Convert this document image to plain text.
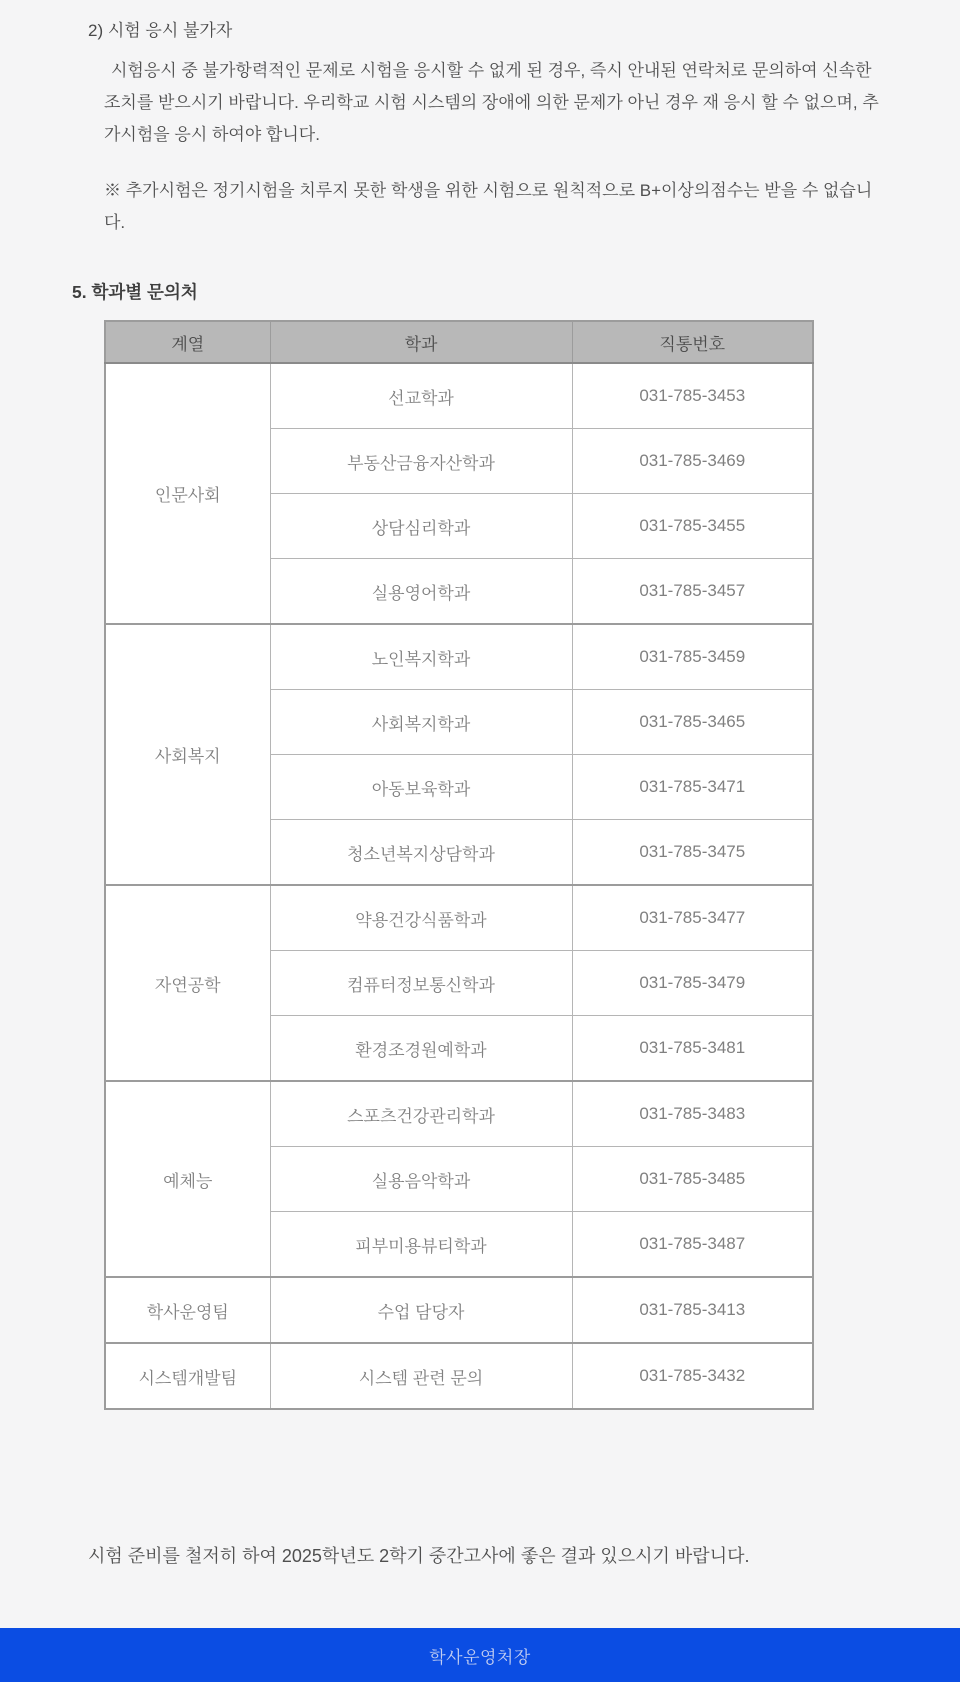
2) 시험 응시 불가자

시험응시 중 불가항력적인 문제로 시험을 응시할 수 없게 된 경우, 즉시 안내된 연락처로 문의하여 신속한 조치를 받으시기 바랍니다. 우리학교 시험 시스템의 장애에 의한 문제가 아닌 경우 재 응시 할 수 없으며, 추가시험을 응시 하여야 합니다.

※ 추가시험은 정기시험을 치루지 못한 학생을 위한 시험으로 원칙적으로 B+이상의점수는 받을 수 없습니다.

5. 학과별 문의처

계열	학과	직통번호
인문사회	선교학과	031-785-3453
	부동산금융자산학과	031-785-3469
	상담심리학과	031-785-3455
	실용영어학과	031-785-3457
사회복지	노인복지학과	031-785-3459
	사회복지학과	031-785-3465
	아동보육학과	031-785-3471
	청소년복지상담학과	031-785-3475
자연공학	약용건강식품학과	031-785-3477
	컴퓨터정보통신학과	031-785-3479
	환경조경원예학과	031-785-3481
예체능	스포츠건강관리학과	031-785-3483
	실용음악학과	031-785-3485
	피부미용뷰티학과	031-785-3487
학사운영팀	수업 담당자	031-785-3413
시스템개발팀	시스템 관련 문의	031-785-3432

시험 준비를 철저히 하여 2025학년도 2학기 중간고사에 좋은 결과 있으시기 바랍니다.

학사운영처장
